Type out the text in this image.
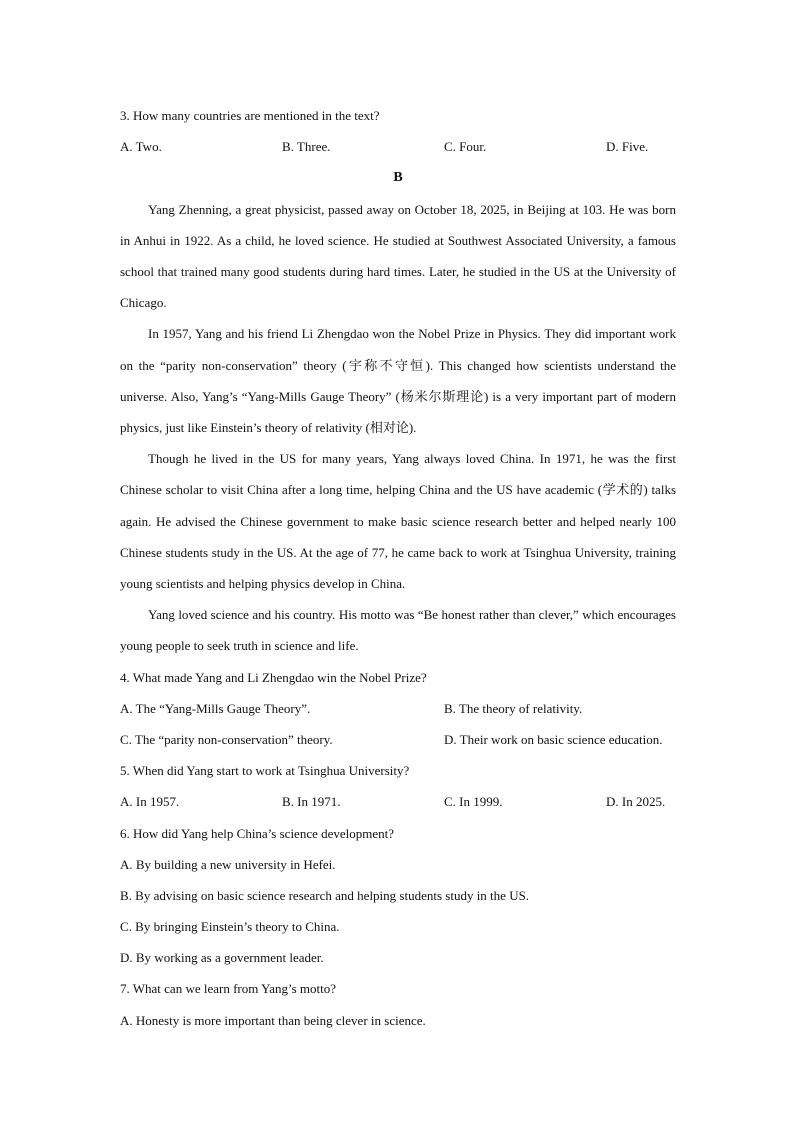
3. How many countries are mentioned in the text?
A. Two.	B. Three.	C. Four.	D. Five.
B

Yang Zhenning, a great physicist, passed away on October 18, 2025, in Beijing at 103. He was born in Anhui in 1922. As a child, he loved science. He studied at Southwest Associated University, a famous school that trained many good students during hard times. Later, he studied in the US at the University of Chicago.

In 1957, Yang and his friend Li Zhengdao won the Nobel Prize in Physics. They did important work on the “parity non-conservation” theory (宇称不守恒). This changed how scientists understand the universe. Also, Yang’s “Yang-Mills Gauge Theory” (杨米尔斯理论) is a very important part of modern physics, just like Einstein’s theory of relativity (相对论).

Though he lived in the US for many years, Yang always loved China. In 1971, he was the first Chinese scholar to visit China after a long time, helping China and the US have academic (学术的) talks again. He advised the Chinese government to make basic science research better and helped nearly 100 Chinese students study in the US. At the age of 77, he came back to work at Tsinghua University, training young scientists and helping physics develop in China.

Yang loved science and his country. His motto was “Be honest rather than clever,” which encourages young people to seek truth in science and life.

4. What made Yang and Li Zhengdao win the Nobel Prize?
A. The “Yang-Mills Gauge Theory”.	B. The theory of relativity.
C. The “parity non-conservation” theory.	D. Their work on basic science education.
5. When did Yang start to work at Tsinghua University?
A. In 1957.	B. In 1971.	C. In 1999.	D. In 2025.
6. How did Yang help China’s science development?
A. By building a new university in Hefei.
B. By advising on basic science research and helping students study in the US.
C. By bringing Einstein’s theory to China.
D. By working as a government leader.
7. What can we learn from Yang’s motto?
A. Honesty is more important than being clever in science.
